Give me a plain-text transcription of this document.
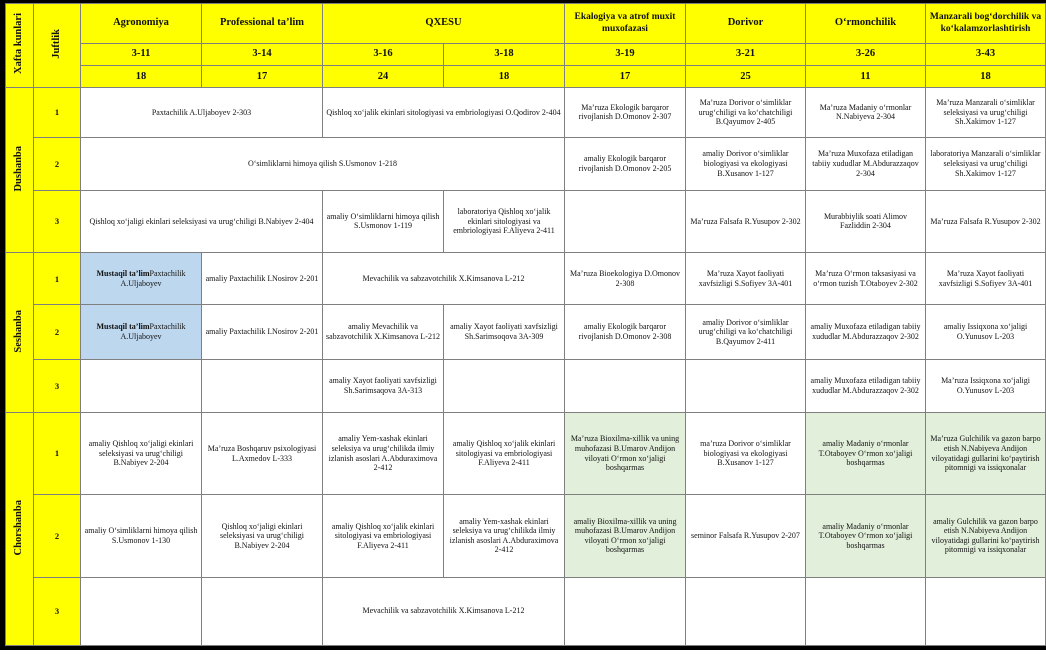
Xafta kunlari	Juftlik	Agronomiya	Professional ta’lim	QXESU		Ekalogiya va atrof muxit muxofazasi	Dorivor	O‘rmonchilik	Manzarali bog‘dorchilik va ko‘kalamzorlashtirish
		3-11	3-14	3-16	3-18	3-19	3-21	3-26	3-43
		18	17	24	18	17	25	11	18
Dushanba	1	Paxtachilik A.Uljaboyev 2-303		Qishloq xo‘jalik ekinlari sitologiyasi va embriologiyasi O.Qodirov 2-404		Ma’ruza Ekologik barqaror rivojlanish D.Omonov 2-307	Ma’ruza Dorivor o‘simliklar urug‘chiligi va ko‘chatchiligi B.Qayumov 2-405	Ma’ruza Madaniy o‘rmonlar N.Nabiyeva 2-304	Ma’ruza Manzarali o‘simliklar seleksiyasi va urug‘chiligi Sh.Xakimov 1-127
	2	O‘simliklarni himoya qilish S.Usmonov 1-218				amaliy Ekologik barqaror rivojlanish D.Omonov 2-205	amaliy Dorivor o‘simliklar biologiyasi va ekologiyasi B.Xusanov 1-127	Ma’ruza Muxofaza etiladigan tabiiy xududlar M.Abdurazzaqov 2-304	laboratoriya Manzarali o‘simliklar seleksiyasi va urug‘chiligi Sh.Xakimov 1-127
	3	Qishloq xo‘jaligi ekinlari seleksiyasi va urug‘chiligi B.Nabiyev 2-404		amaliy O‘simliklarni himoya qilish S.Usmonov 1-119	laboratoriya Qishloq xo‘jalik ekinlari sitologiyasi va embriologiyasi F.Aliyeva 2-411		Ma’ruza Falsafa R.Yusupov 2-302	Murabbiylik soati Alimov Fazliddin 2-304	Ma’ruza Falsafa R.Yusupov 2-302
Seshanba	1	Mustaqil ta’limPaxtachilik A.Uljaboyev	amaliy Paxtachilik I.Nosirov 2-201	Mevachilik va sabzavotchilik X.Kimsanova L-212		Ma’ruza Bioekologiya D.Omonov 2-308	Ma’ruza Xayot faoliyati xavfsizligi S.Sofiyev 3A-401	Ma’ruza O‘rmon taksasiyasi va o‘rmon tuzish T.Otaboyev 2-302	Ma’ruza Xayot faoliyati xavfsizligi S.Sofiyev 3A-401
	2	Mustaqil ta’limPaxtachilik A.Uljaboyev	amaliy Paxtachilik I.Nosirov 2-201	amaliy Mevachilik va sabzavotchilik X.Kimsanova L-212	amaliy Xayot faoliyati xavfsizligi Sh.Sarimsoqova 3A-309	amaliy Ekologik barqaror rivojlanish D.Omonov 2-308	amaliy Dorivor o‘simliklar urug‘chiligi va ko‘chatchiligi B.Qayumov 2-411	amaliy Muxofaza etiladigan tabiiy xududlar M.Abdurazzaqov 2-302	amaliy Issiqxona xo‘jaligi O.Yunusov L-203
	3			amaliy Xayot faoliyati xavfsizligi Sh.Sarimsaqova 3A-313				amaliy Muxofaza etiladigan tabiiy xududlar M.Abdurazzaqov 2-302	Ma’ruza Issiqxona xo‘jaligi O.Yunusov L-203
Chorshanba	1	amaliy Qishloq xo‘jaligi ekinlari seleksiyasi va urug‘chiligi B.Nabiyev 2-204	Ma’ruza Boshqaruv psixologiyasi L.Axmedov L-333	amaliy Yem-xashak ekinlari seleksiya va urug‘chilikda ilmiy izlanish asoslari A.Abduraximova 2-412	amaliy Qishloq xo‘jalik ekinlari sitologiyasi va embriologiyasi F.Aliyeva 2-411	Ma’ruza Bioxilma-xillik va uning muhofazasi B.Umarov Andijon viloyati O‘rmon xo‘jaligi boshqarmas	ma’ruza Dorivor o‘simliklar biologiyasi va ekologiyasi B.Xusanov 1-127	amaliy Madaniy o‘rmonlar T.Otaboyev O‘rmon xo‘jaligi boshqarmas	Ma’ruza Gulchilik va gazon barpo etish N.Nabiyeva Andijon viloyatidagi gullarini ko‘paytirish pitomnigi va issiqxonalar
	2	amaliy O‘simliklarni himoya qilish S.Usmonov 1-130	Qishloq xo‘jaligi ekinlari seleksiyasi va urug‘chiligi B.Nabiyev 2-204	amaliy Qishloq xo‘jalik ekinlari sitologiyasi va embriologiyasi F.Aliyeva 2-411	amaliy Yem-xashak ekinlari seleksiya va urug‘chilikda ilmiy izlanish asoslari A.Abduraximova 2-412	amaliy Bioxilma-xillik va uning muhofazasi B.Umarov Andijon viloyati O‘rmon xo‘jaligi boshqarmas	seminor Falsafa R.Yusupov 2-207	amaliy Madaniy o‘rmonlar T.Otaboyev O‘rmon xo‘jaligi boshqarmas	amaliy Gulchilik va gazon barpo etish N.Nabiyeva Andijon viloyatidagi gullarini ko‘paytirish pitomnigi va issiqxonalar
	3			Mevachilik va sabzavotchilik X.Kimsanova L-212					
